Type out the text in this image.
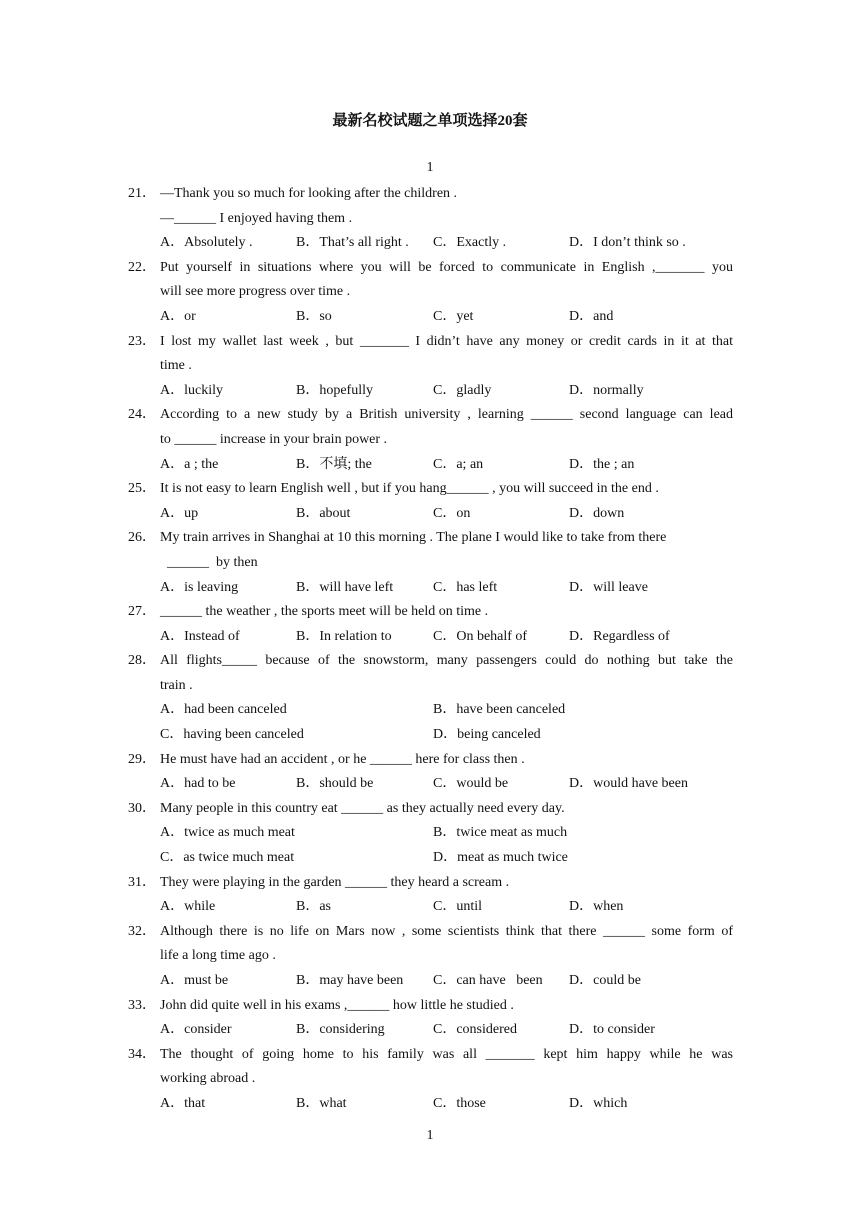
最新名校试题之单项选择20套
1
21． —Thank you so much for looking after the children .
—______ I enjoyed having them .
A．Absolutely .	B．That’s all right . C．Exactly .	D．I don’t think so .
22． Put yourself in situations where you will be forced to communicate in English ,_______ you
will see more progress over time .
A．or	B．so	C．yet	D．and
23． I lost my wallet last week , but _______ I didn’t have any money or credit cards in it at that
time .
A．luckily	B．hopefully	C．gladly	D．normally
24． According to a new study by a British university , learning ______ second language can lead
to ______ increase in your brain power .
A．a ; the	B．不填; the	C．a; an	D．the ; an
25． It is not easy to learn English well , but if you hang______ , you will succeed in the end .
A．up	B．about	C．on	D．down
26． My train arrives in Shanghai at 10 this morning . The plane I would like to take from there
______  by then
A．is leaving	B．will have left	C．has left	D．will leave
27． ______ the weather , the sports meet will be held on time .
A．Instead of	B．In relation to	C．On behalf of	D．Regardless of
28． All flights_____ because of the snowstorm, many passengers could do nothing but take the
train .
A．had been canceled	B．have been canceled
C．having been canceled	D．being canceled
29． He must have had an accident , or he ______ here for class then .
A．had to be	B．should be	C．would be	D．would have been
30． Many people in this country eat ______ as they actually need every day.
A．twice as much meat	B．twice meat as much
C．as twice much meat	D．meat as much twice
31． They were playing in the garden ______ they heard a scream .
A．while	B．as	C．until	D．when
32． Although there is no life on Mars now , some scientists think that there ______ some form of
life a long time ago .
A．must be	B．may have been C．can have   been D．could be
33． John did quite well in his exams ,______ how little he studied .
A．consider	B．considering	C．considered	D．to consider
34． The thought of going home to his family was all _______ kept him happy while he was
working abroad .
A．that	B．what	C．those	D．which
1
